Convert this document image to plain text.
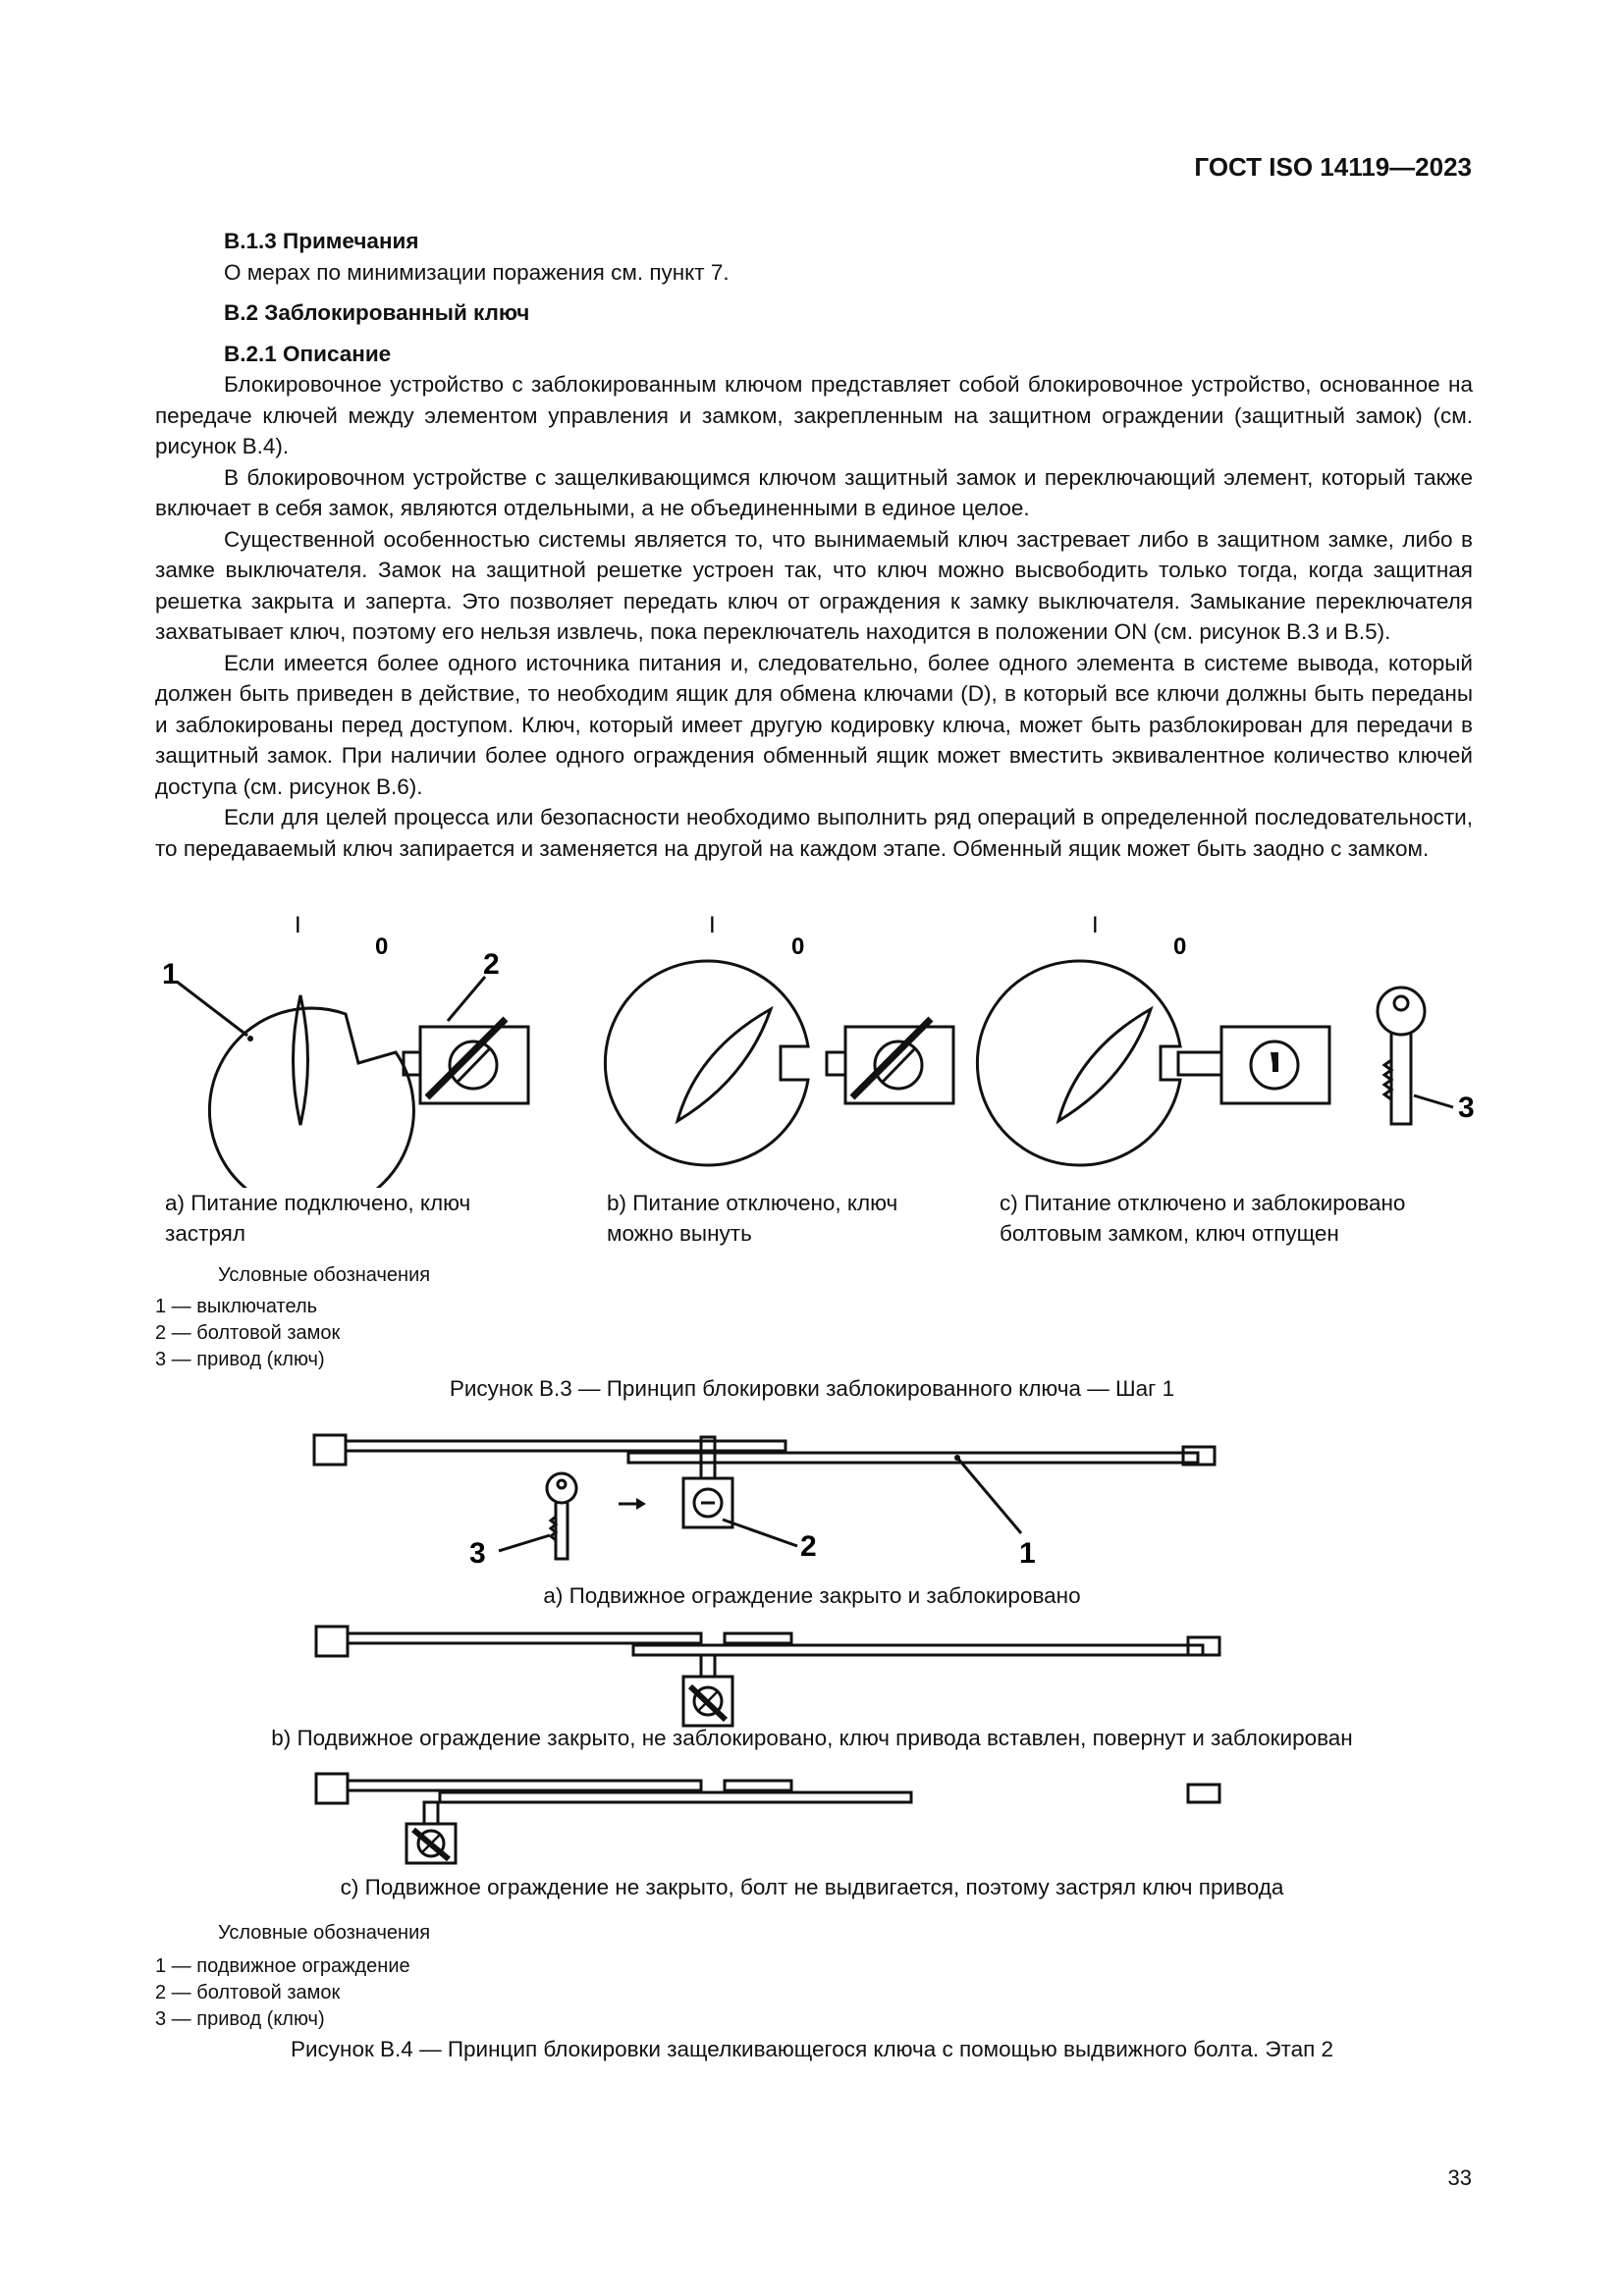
ГОСТ ISO 14119—2023

B.1.3 Примечания

О мерах по минимизации поражения см. пункт 7.

B.2 Заблокированный ключ

B.2.1 Описание

Блокировочное устройство с заблокированным ключом представляет собой блокировочное устройство, основанное на передаче ключей между элементом управления и замком, закрепленным на защитном ограждении (защитный замок) (см. рисунок B.4).

В блокировочном устройстве с защелкивающимся ключом защитный замок и переключающий элемент, который также включает в себя замок, являются отдельными, а не объединенными в единое целое.

Существенной особенностью системы является то, что вынимаемый ключ застревает либо в защитном замке, либо в замке выключателя. Замок на защитной решетке устроен так, что ключ можно высвободить только тогда, когда защитная решетка закрыта и заперта. Это позволяет передать ключ от ограждения к замку выключателя. Замыкание переключателя захватывает ключ, поэтому его нельзя извлечь, пока переключатель находится в положении ON (см. рисунок B.3 и B.5).

Если имеется более одного источника питания и, следовательно, более одного элемента в системе вывода, который должен быть приведен в действие, то необходим ящик для обмена ключами (D), в который все ключи должны быть переданы и заблокированы перед доступом. Ключ, который имеет другую кодировку ключа, может быть разблокирован для передачи в защитный замок. При наличии более одного ограждения обменный ящик может вместить эквивалентное количество ключей доступа (см. рисунок B.6).

Если для целей процесса или безопасности необходимо выполнить ряд операций в определенной последовательности, то передаваемый ключ запирается и заменяется на другой на каждом этапе. Обменный ящик может быть заодно с замком.

I
0
1	2
I
0
I
0
3
a) Питание подключено, ключ
застрял
b) Питание отключено, ключ
можно вынуть
c) Питание отключено и заблокировано
болтовым замком, ключ отпущен
Условные обозначения
1 — выключатель
2 — болтовой замок
3 — привод (ключ)
Рисунок B.3 — Принцип блокировки заблокированного ключа — Шаг 1
1
2
3
a) Подвижное ограждение закрыто и заблокировано
b) Подвижное ограждение закрыто, не заблокировано, ключ привода вставлен, повернут и заблокирован
c) Подвижное ограждение не закрыто, болт не выдвигается, поэтому застрял ключ привода
Условные обозначения
1 — подвижное ограждение
2 — болтовой замок
3 — привод (ключ)
Рисунок B.4 — Принцип блокировки защелкивающегося ключа с помощью выдвижного болта. Этап 2
33
